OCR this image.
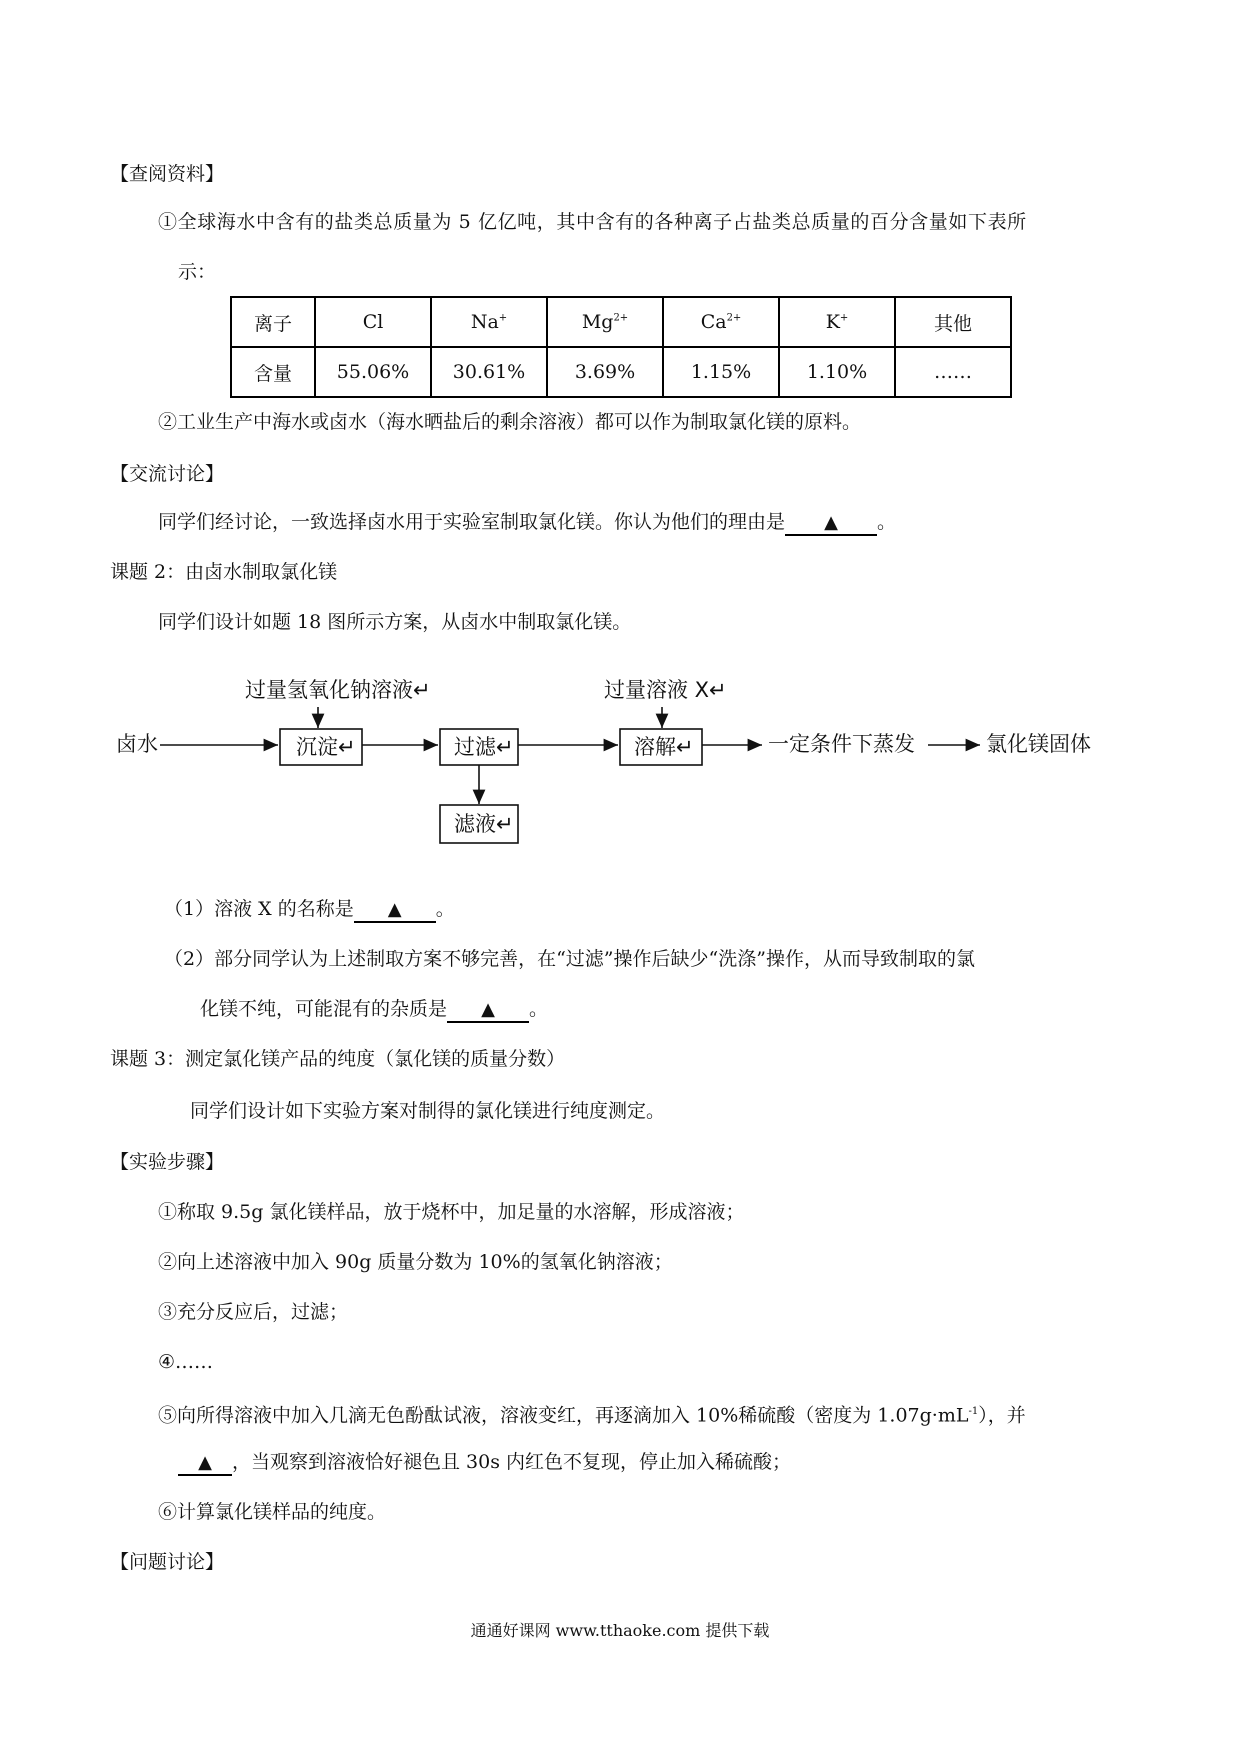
【查阅资料】
①全球海水中含有的盐类总质量为 5 亿亿吨，其中含有的各种离子占盐类总质量的百分含量如下表所
示：
离子	Cl	Na+	$Mg^{2+}$	$Ca^{2+}$	K+	其他
含量	55.06%	30.61%	3.69%	1.15%	1.10%	……
②工业生产中海水或卤水（海水晒盐后的剩余溶液）都可以作为制取氯化镁的原料。
【交流讨论】
同学们经讨论，一致选择卤水用于实验室制取氯化镁。你认为他们的理由是 ▲ 。
课题 2：由卤水制取氯化镁
同学们设计如题 18 图所示方案，从卤水中制取氯化镁。
卤水
过量氢氧化钠溶液↵
沉淀↵	过滤↵
滤液↵
过量溶液 X↵
溶解↵	一定条件下蒸发	氯化镁固体
（1）溶液 X 的名称是 ▲ 。
（2）部分同学认为上述制取方案不够完善，在“过滤”操作后缺少“洗涤”操作，从而导致制取的氯
化镁不纯，可能混有的杂质是 ▲ 。
课题 3：测定氯化镁产品的纯度（氯化镁的质量分数）
同学们设计如下实验方案对制得的氯化镁进行纯度测定。
【实验步骤】
①称取 9.5g 氯化镁样品，放于烧杯中，加足量的水溶解，形成溶液；
②向上述溶液中加入 90g 质量分数为 10%的氢氧化钠溶液；
③充分反应后，过滤；
④……
⑤向所得溶液中加入几滴无色酚酞试液，溶液变红，再逐滴加入 10%稀硫酸（密度为 $1.07g\cdot mL^{-1}$），并
▲ ，当观察到溶液恰好褪色且 30s 内红色不复现，停止加入稀硫酸；
⑥计算氯化镁样品的纯度。
【问题讨论】
通通好课网 www.tthaoke.com 提供下载
